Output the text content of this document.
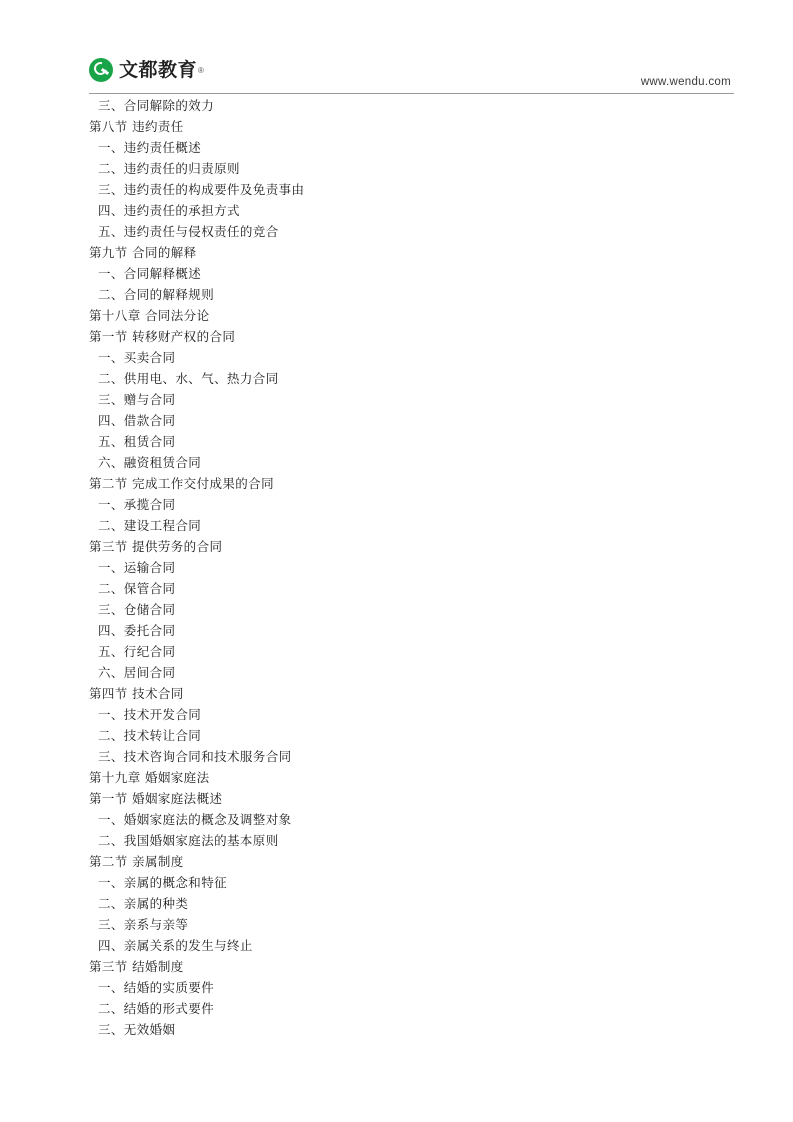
文都教育 ®
www.wendu.com
三、合同解除的效力
第八节 违约责任
一、违约责任概述
二、违约责任的归责原则
三、违约责任的构成要件及免责事由
四、违约责任的承担方式
五、违约责任与侵权责任的竞合
第九节 合同的解释
一、合同解释概述
二、合同的解释规则
第十八章 合同法分论
第一节 转移财产权的合同
一、买卖合同
二、供用电、水、气、热力合同
三、赠与合同
四、借款合同
五、租赁合同
六、融资租赁合同
第二节 完成工作交付成果的合同
一、承揽合同
二、建设工程合同
第三节 提供劳务的合同
一、运输合同
二、保管合同
三、仓储合同
四、委托合同
五、行纪合同
六、居间合同
第四节 技术合同
一、技术开发合同
二、技术转让合同
三、技术咨询合同和技术服务合同
第十九章 婚姻家庭法
第一节 婚姻家庭法概述
一、婚姻家庭法的概念及调整对象
二、我国婚姻家庭法的基本原则
第二节 亲属制度
一、亲属的概念和特征
二、亲属的种类
三、亲系与亲等
四、亲属关系的发生与终止
第三节 结婚制度
一、结婚的实质要件
二、结婚的形式要件
三、无效婚姻
